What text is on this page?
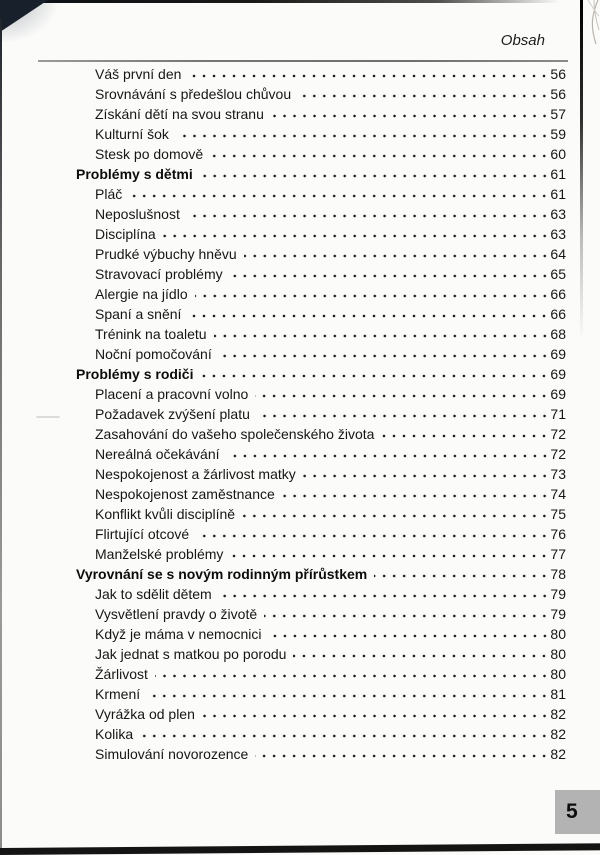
Obsah
Váš první den	56
Srovnávání s předešlou chůvou	56
Získání dětí na svou stranu	57
Kulturní šok	59
Stesk po domově	60
Problémy s dětmi	61
Pláč	61
Neposlušnost	63
Disciplína	63
Prudké výbuchy hněvu	64
Stravovací problémy	65
Alergie na jídlo	66
Spaní a snění	66
Trénink na toaletu	68
Noční pomočování	69
Problémy s rodiči	69
Placení a pracovní volno	69
Požadavek zvýšení platu	71
Zasahování do vašeho společenského života	72
Nereálná očekávání	72
Nespokojenost a žárlivost matky	73
Nespokojenost zaměstnance	74
Konflikt kvůli disciplíně	75
Flirtující otcové	76
Manželské problémy	77
Vyrovnání se s novým rodinným přírůstkem	78
Jak to sdělit dětem	79
Vysvětlení pravdy o životě	79
Když je máma v nemocnici	80
Jak jednat s matkou po porodu	80
Žárlivost	80
Krmení	81
Vyrážka od plen	82
Kolika	82
Simulování novorozence	82
5
